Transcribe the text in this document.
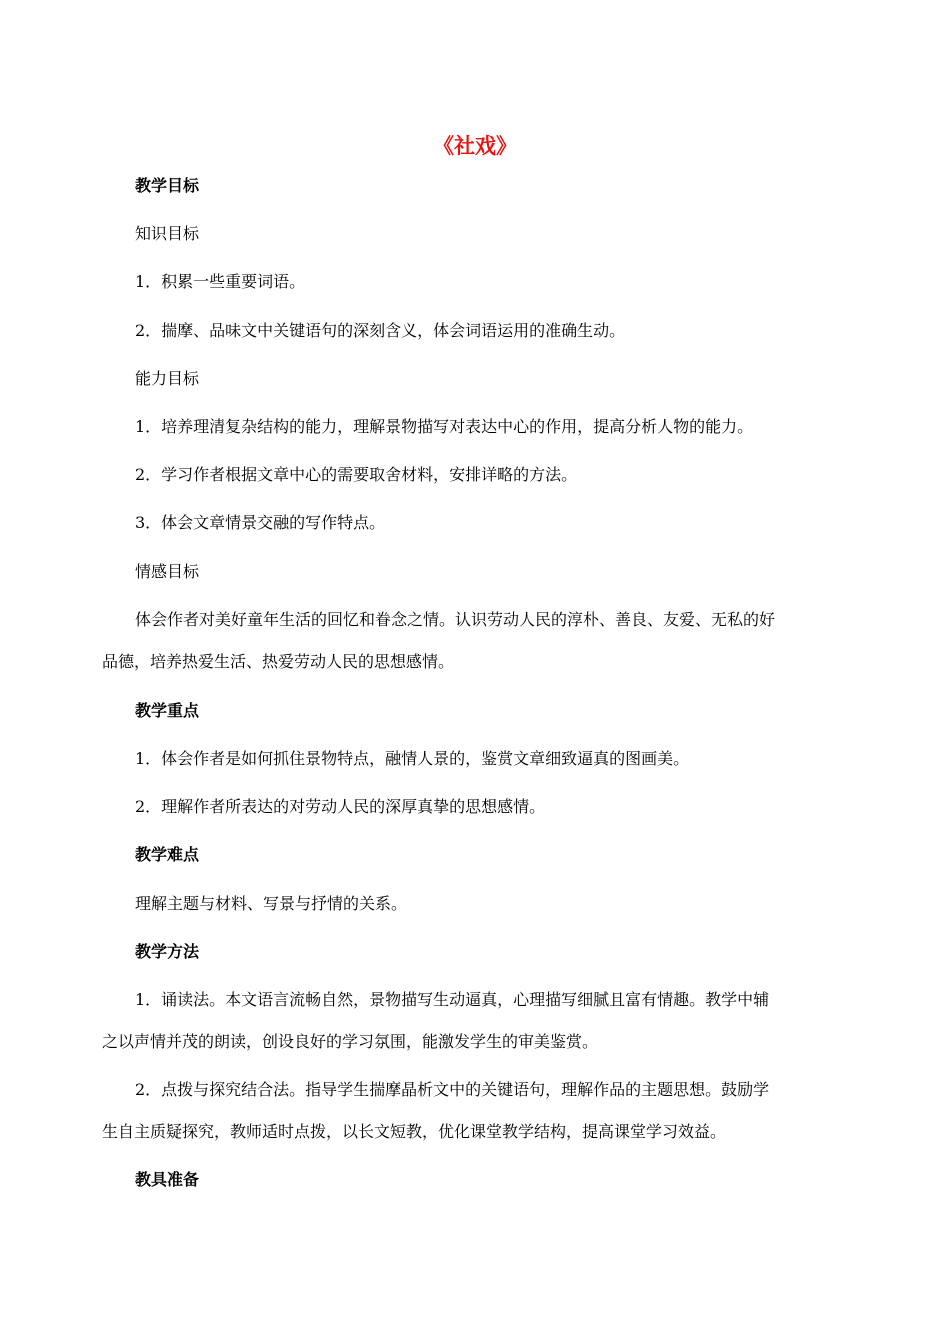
《社戏》
教学目标
知识目标
1．积累一些重要词语。
2．揣摩、品味文中关键语句的深刻含义，体会词语运用的准确生动。
能力目标
1．培养理清复杂结构的能力，理解景物描写对表达中心的作用，提高分析人物的能力。
2．学习作者根据文章中心的需要取舍材料，安排详略的方法。
3．体会文章情景交融的写作特点。
情感目标
体会作者对美好童年生活的回忆和眷念之情。认识劳动人民的淳朴、善良、友爱、无私的好
品德，培养热爱生活、热爱劳动人民的思想感情。
教学重点
1．体会作者是如何抓住景物特点，融情人景的，鉴赏文章细致逼真的图画美。
2．理解作者所表达的对劳动人民的深厚真挚的思想感情。
教学难点
理解主题与材料、写景与抒情的关系。
教学方法
1．诵读法。本文语言流畅自然，景物描写生动逼真，心理描写细腻且富有情趣。教学中辅
之以声情并茂的朗读，创设良好的学习氛围，能激发学生的审美鉴赏。
2．点拨与探究结合法。指导学生揣摩晶析文中的关键语句，理解作品的主题思想。鼓励学
生自主质疑探究，教师适时点拨，以长文短教，优化课堂教学结构，提高课堂学习效益。
教具准备
